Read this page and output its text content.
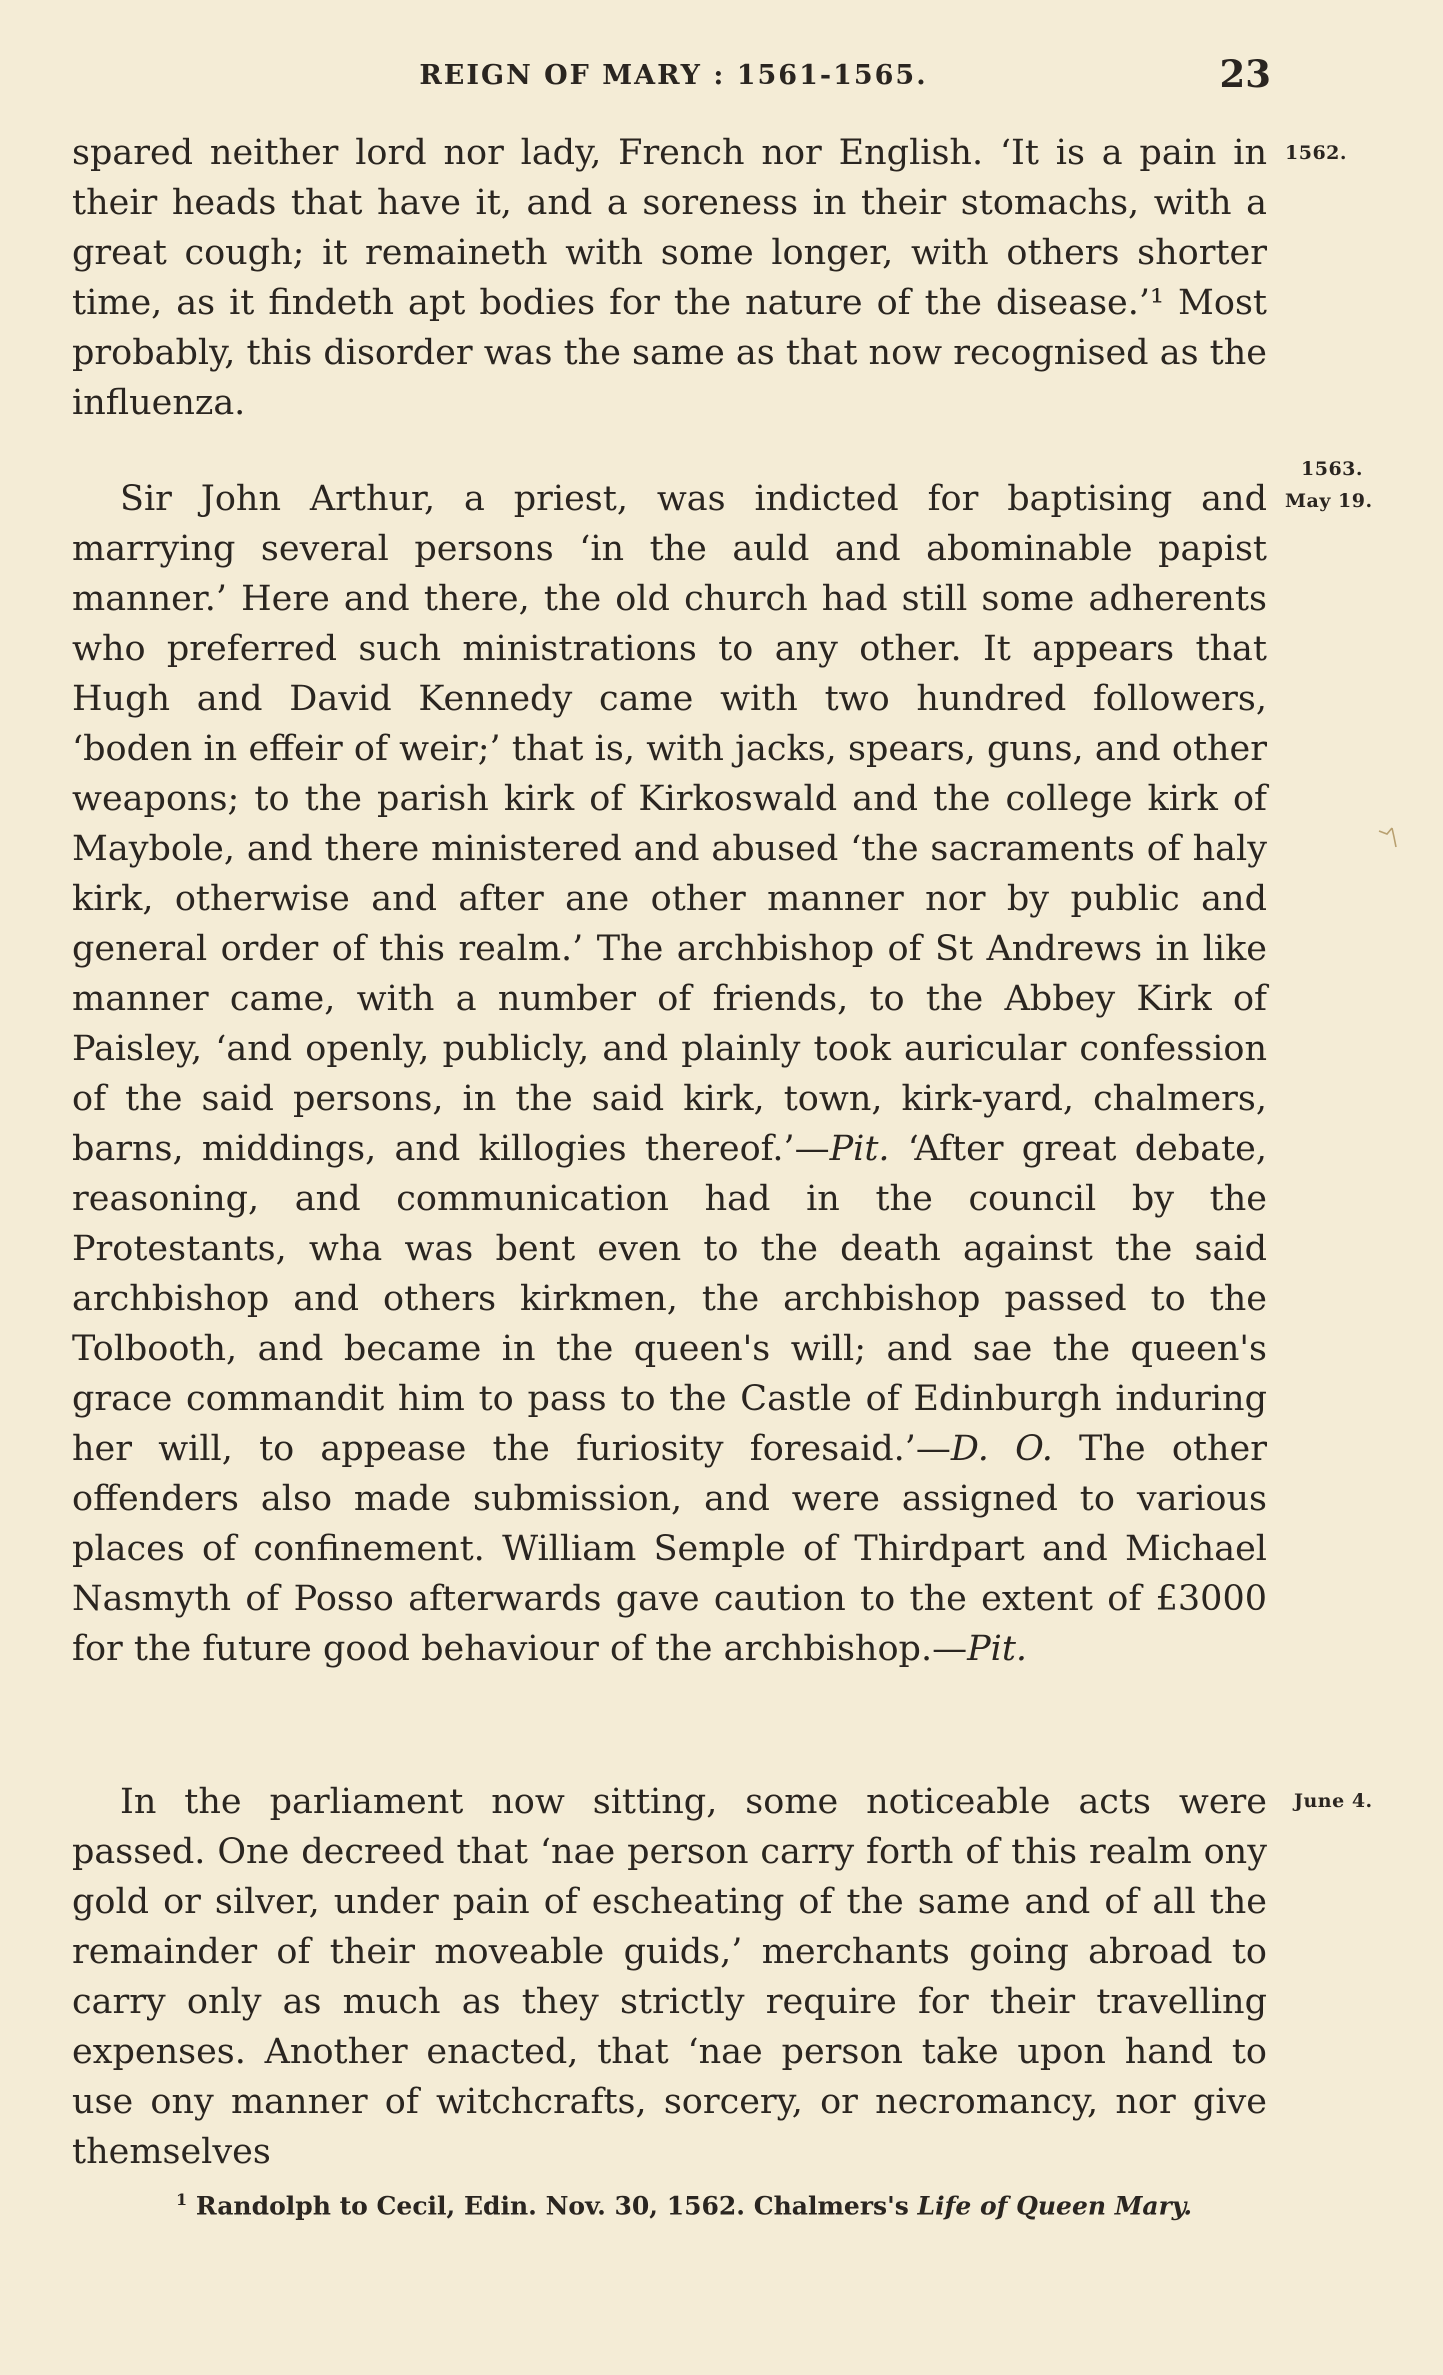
REIGN OF MARY : 1561-1565.	23
1562.
1563.
May 19.
June 4.

spared neither lord nor lady, French nor English. ‘It is a pain in their heads that have it, and a soreness in their stomachs, with a great cough; it remaineth with some longer, with others shorter time, as it findeth apt bodies for the nature of the disease.’¹ Most probably, this disorder was the same as that now recognised as the influenza.

Sir John Arthur, a priest, was indicted for baptising and marrying several persons ‘in the auld and abominable papist manner.’ Here and there, the old church had still some adherents who preferred such ministrations to any other. It appears that Hugh and David Kennedy came with two hundred followers, ‘boden in effeir of weir;’ that is, with jacks, spears, guns, and other weapons; to the parish kirk of Kirkoswald and the college kirk of Maybole, and there ministered and abused ‘the sacraments of haly kirk, otherwise and after ane other manner nor by public and general order of this realm.’ The archbishop of St Andrews in like manner came, with a number of friends, to the Abbey Kirk of Paisley, ‘and openly, publicly, and plainly took auricular confession of the said persons, in the said kirk, town, kirk-yard, chalmers, barns, middings, and killogies thereof.’—Pit. ‘After great debate, reasoning, and communication had in the council by the Protestants, wha was bent even to the death against the said archbishop and others kirkmen, the archbishop passed to the Tolbooth, and became in the queen's will; and sae the queen's grace commandit him to pass to the Castle of Edinburgh induring her will, to appease the furiosity foresaid.’—D. O. The other offenders also made submission, and were assigned to various places of confinement. William Semple of Thirdpart and Michael Nasmyth of Posso afterwards gave caution to the extent of £3000 for the future good behaviour of the archbishop.—Pit.

In the parliament now sitting, some noticeable acts were passed. One decreed that ‘nae person carry forth of this realm ony gold or silver, under pain of escheating of the same and of all the remainder of their moveable guids,’ merchants going abroad to carry only as much as they strictly require for their travelling expenses. Another enacted, that ‘nae person take upon hand to use ony manner of witchcrafts, sorcery, or necromancy, nor give themselves

$^1$ Randolph to Cecil, Edin. Nov. 30, 1562. Chalmers's Life of Queen Mary.
